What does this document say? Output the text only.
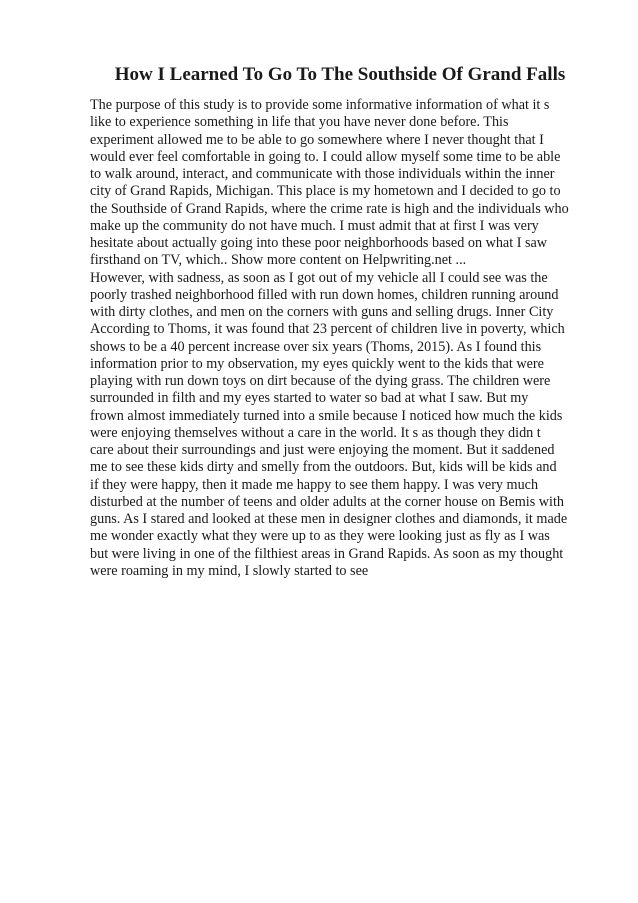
How I Learned To Go To The Southside Of Grand Falls
The purpose of this study is to provide some informative information of what it s
like to experience something in life that you have never done before. This
experiment allowed me to be able to go somewhere where I never thought that I
would ever feel comfortable in going to. I could allow myself some time to be able
to walk around, interact, and communicate with those individuals within the inner
city of Grand Rapids, Michigan. This place is my hometown and I decided to go to
the Southside of Grand Rapids, where the crime rate is high and the individuals who
make up the community do not have much. I must admit that at first I was very
hesitate about actually going into these poor neighborhoods based on what I saw
firsthand on TV, which.. Show more content on Helpwriting.net ...
However, with sadness, as soon as I got out of my vehicle all I could see was the
poorly trashed neighborhood filled with run down homes, children running around
with dirty clothes, and men on the corners with guns and selling drugs. Inner City
According to Thoms, it was found that 23 percent of children live in poverty, which
shows to be a 40 percent increase over six years (Thoms, 2015). As I found this
information prior to my observation, my eyes quickly went to the kids that were
playing with run down toys on dirt because of the dying grass. The children were
surrounded in filth and my eyes started to water so bad at what I saw. But my
frown almost immediately turned into a smile because I noticed how much the kids
were enjoying themselves without a care in the world. It s as though they didn t
care about their surroundings and just were enjoying the moment. But it saddened
me to see these kids dirty and smelly from the outdoors. But, kids will be kids and
if they were happy, then it made me happy to see them happy. I was very much
disturbed at the number of teens and older adults at the corner house on Bemis with
guns. As I stared and looked at these men in designer clothes and diamonds, it made
me wonder exactly what they were up to as they were looking just as fly as I was
but were living in one of the filthiest areas in Grand Rapids. As soon as my thought
were roaming in my mind, I slowly started to see
